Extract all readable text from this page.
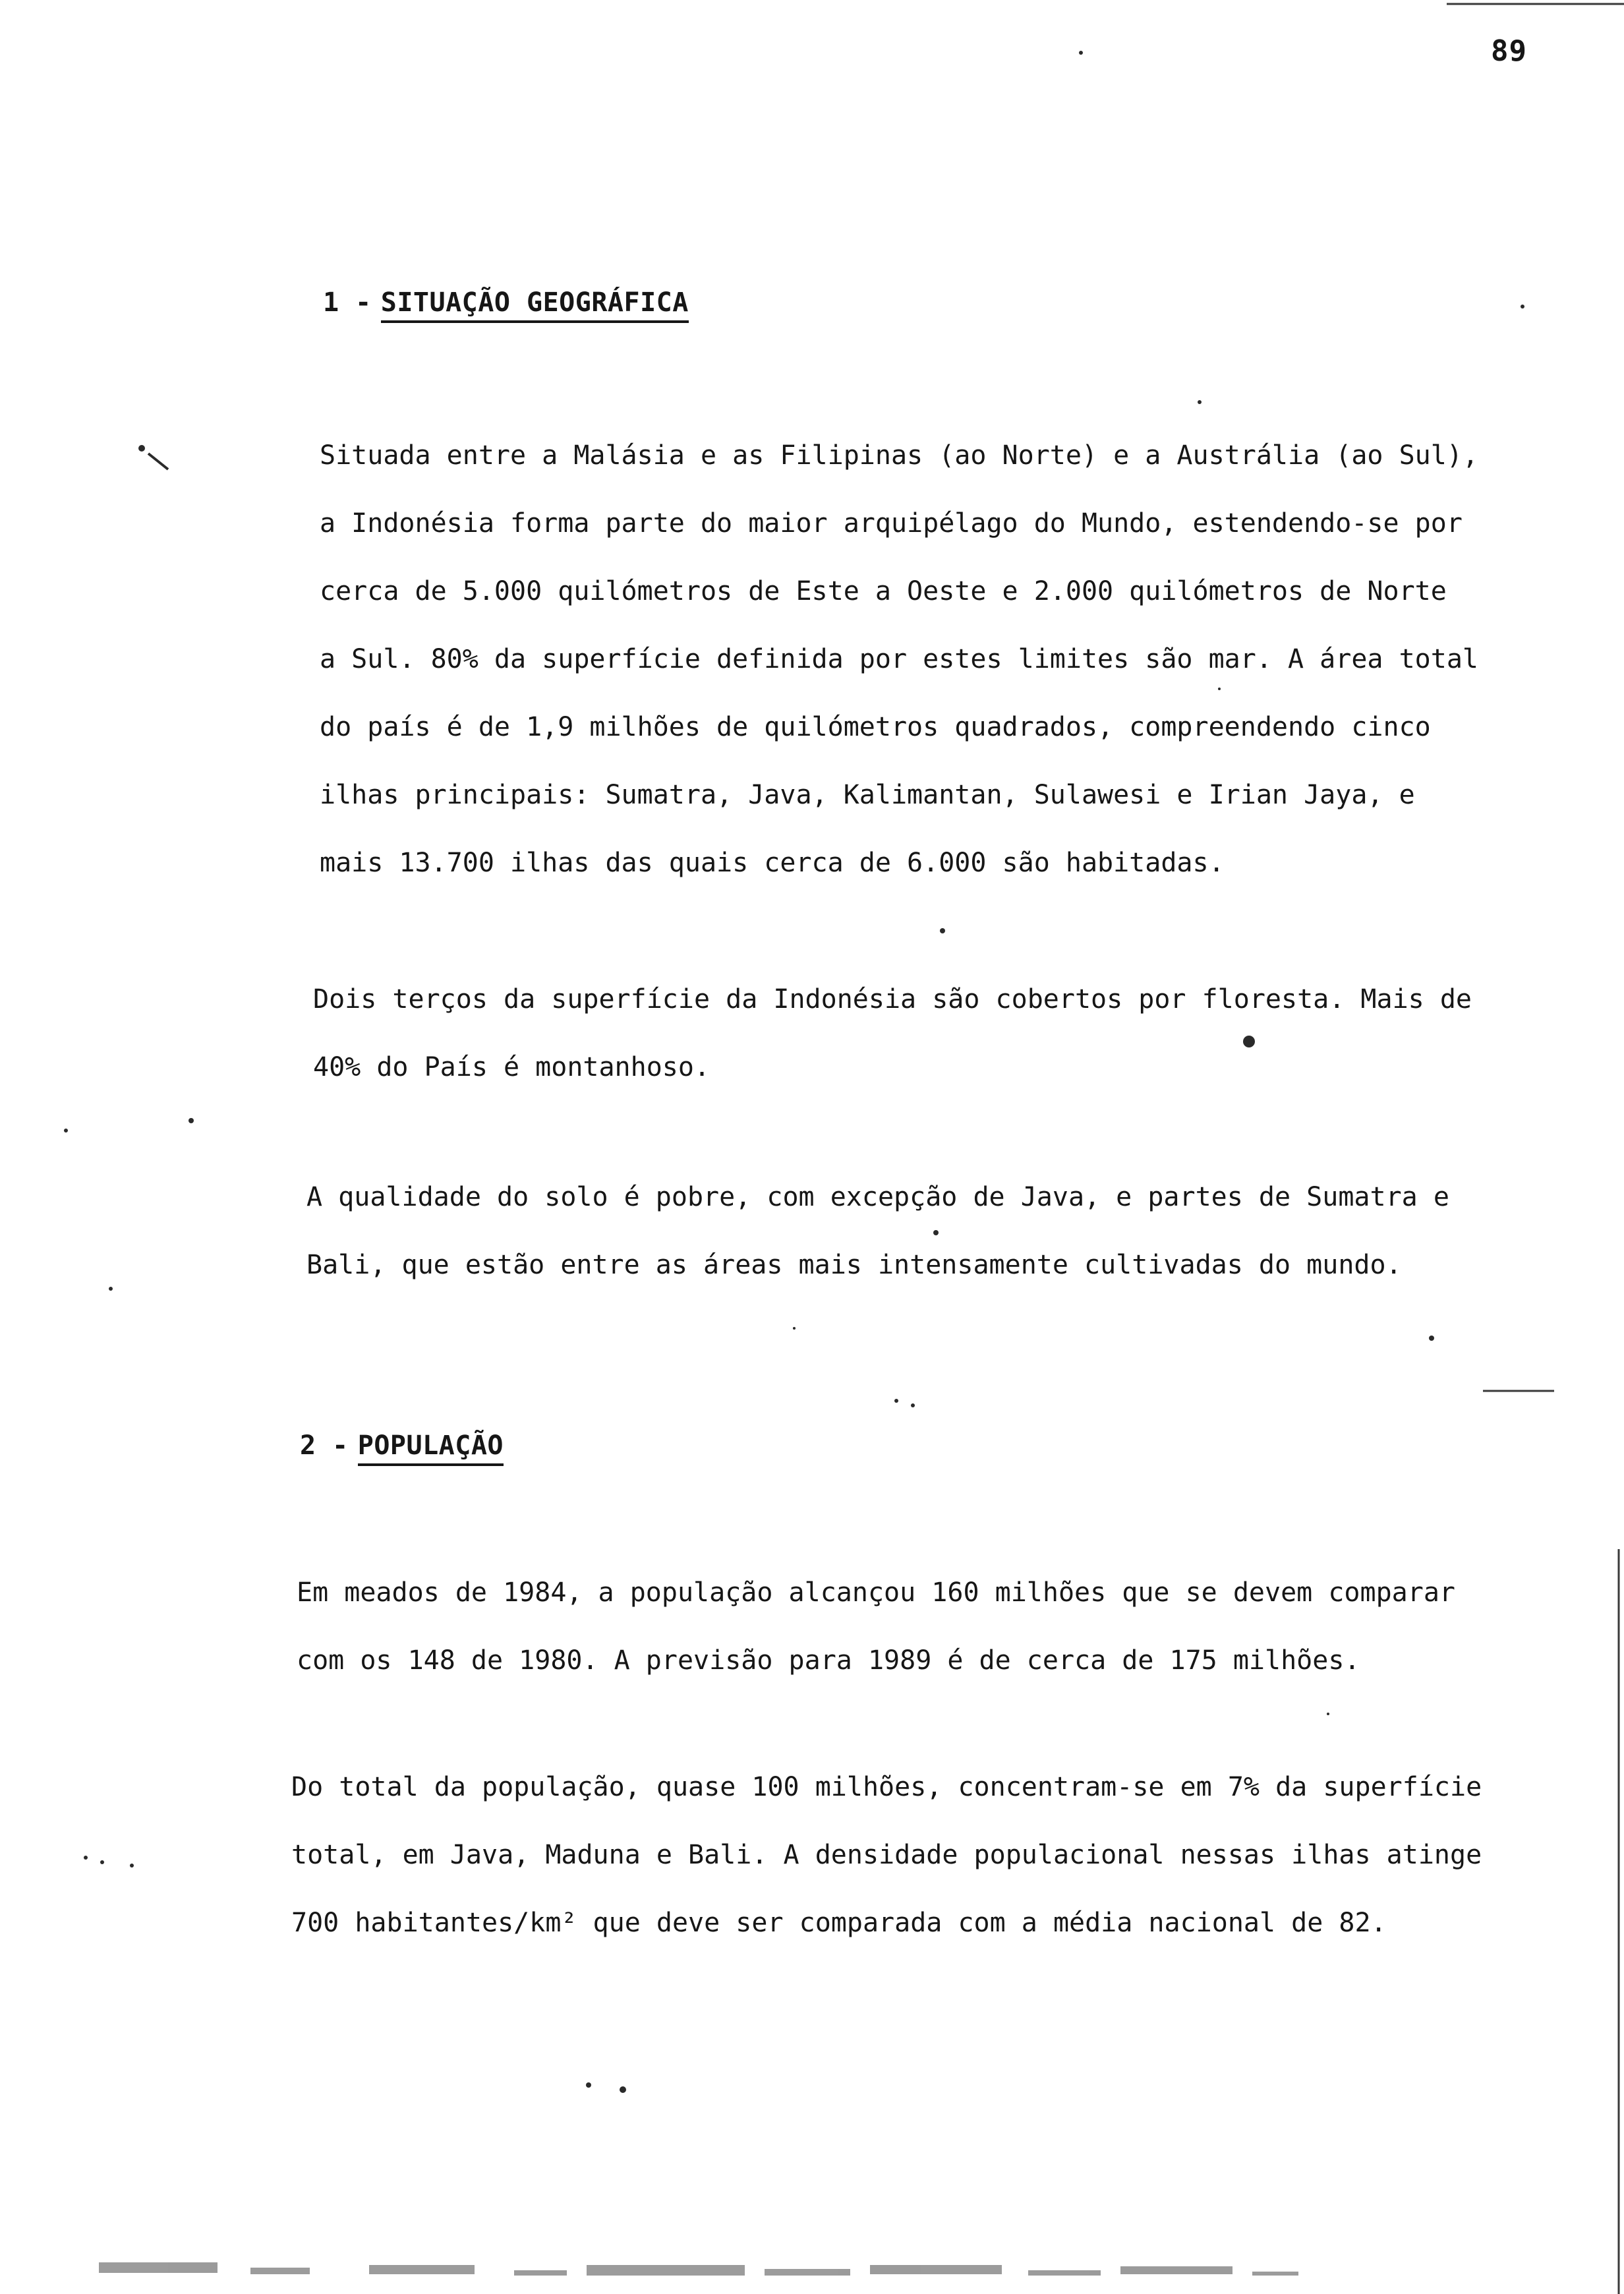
89
1 - SITUAÇÃO GEOGRÁFICA
Situada entre a Malásia e as Filipinas (ao Norte) e a Austrália (ao Sul),
a Indonésia forma parte do maior arquipélago do Mundo, estendendo-se por
cerca de 5.000 quilómetros de Este a Oeste e 2.000 quilómetros de Norte
a Sul. 80% da superfície definida por estes limites são mar. A área total
do país é de 1,9 milhões de quilómetros quadrados, compreendendo cinco
ilhas principais: Sumatra, Java, Kalimantan, Sulawesi e Irian Jaya, e
mais 13.700 ilhas das quais cerca de 6.000 são habitadas.
Dois terços da superfície da Indonésia são cobertos por floresta. Mais de
40% do País é montanhoso.
A qualidade do solo é pobre, com excepção de Java, e partes de Sumatra e
Bali, que estão entre as áreas mais intensamente cultivadas do mundo.
2 - POPULAÇÃO
Em meados de 1984, a população alcançou 160 milhões que se devem comparar
com os 148 de 1980. A previsão para 1989 é de cerca de 175 milhões.
Do total da população, quase 100 milhões, concentram-se em 7% da superfície
total, em Java, Maduna e Bali. A densidade populacional nessas ilhas atinge
700 habitantes/km² que deve ser comparada com a média nacional de 82.
